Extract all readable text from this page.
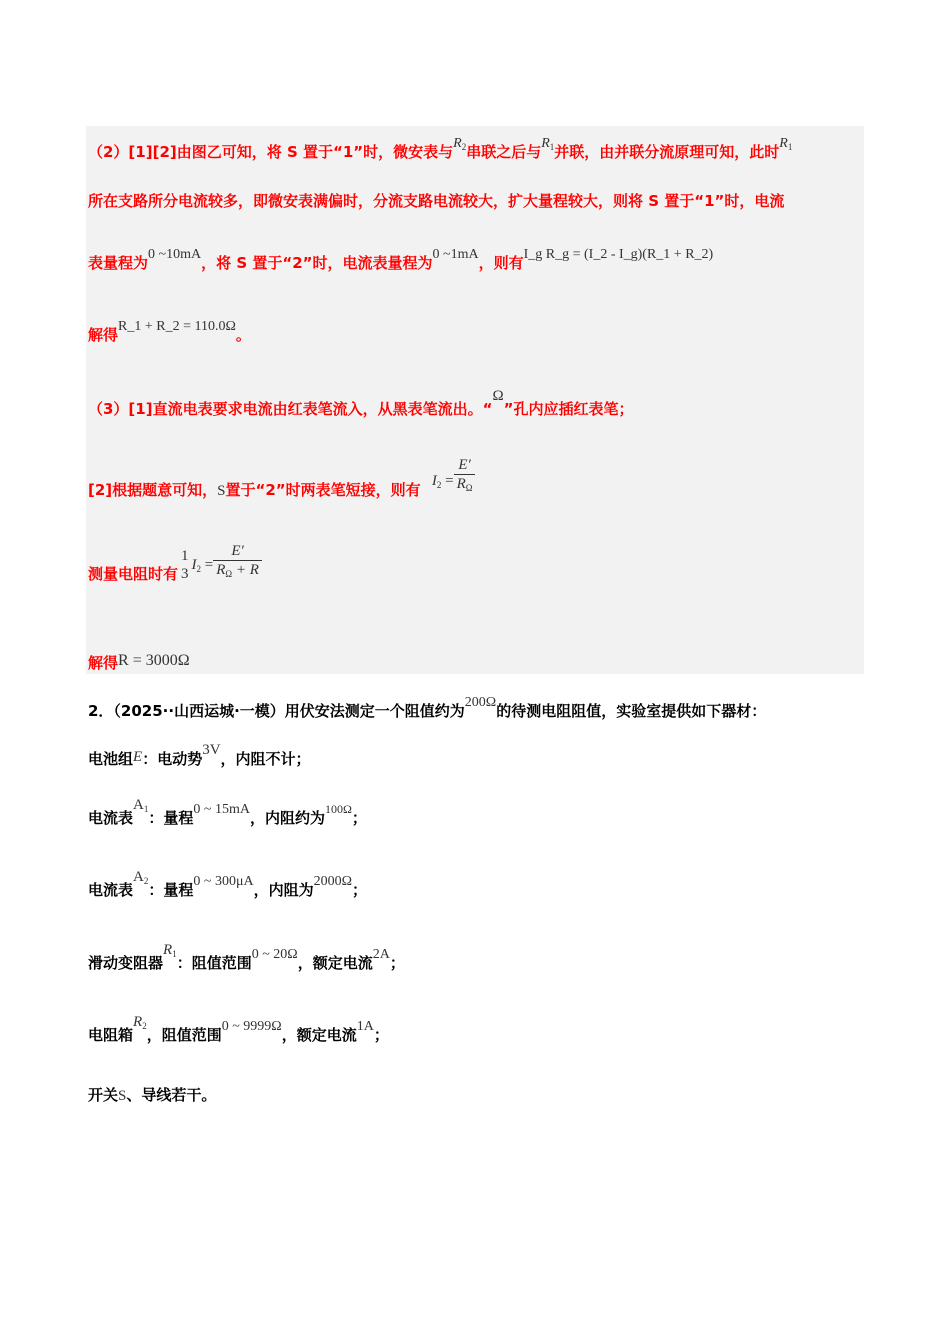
（2）[1][2]由图乙可知，将 S 置于“1”时，微安表与$R_2$串联之后与$R_1$并联，由并联分流原理可知，此时$R_1$
所在支路所分电流较多，即微安表满偏时，分流支路电流较大，扩大量程较大，则将 S 置于“1”时，电流
表量程为0 ~10mA，将 S 置于“2”时，电流表量程为0 ~1mA，则有I_g R_g = (I_2 - I_g)(R_1 + R_2)
解得R_1 + R_2 = 110.0Ω。
（3）[1]直流电表要求电流由红表笔流入，从黑表笔流出。“Ω”孔内应插红表笔；
[2]根据题意可知，S置于“2”时两表笔短接，则有 $I_2 = \frac{E'}{R_\Omega}$
测量电阻时有
1
3
$I_2 = \frac{E'}{R_\Omega + R}$
解得R = 3000Ω
2．（2025··山西运城·一模）用伏安法测定一个阻值约为200Ω的待测电阻阻值，实验室提供如下器材：
电池组E：电动势3V，内阻不计；
电流表$A_1$：量程0 ~ 15mA，内阻约为$^{100\Omega}$；
电流表$A_2$：量程0 ~ 300μA，内阻为2000Ω；
滑动变阻器$R_1$：阻值范围0 ~ 20Ω，额定电流2A；
电阻箱$R_2$，阻值范围0 ~ 9999Ω，额定电流1A；
开关S、导线若干。
